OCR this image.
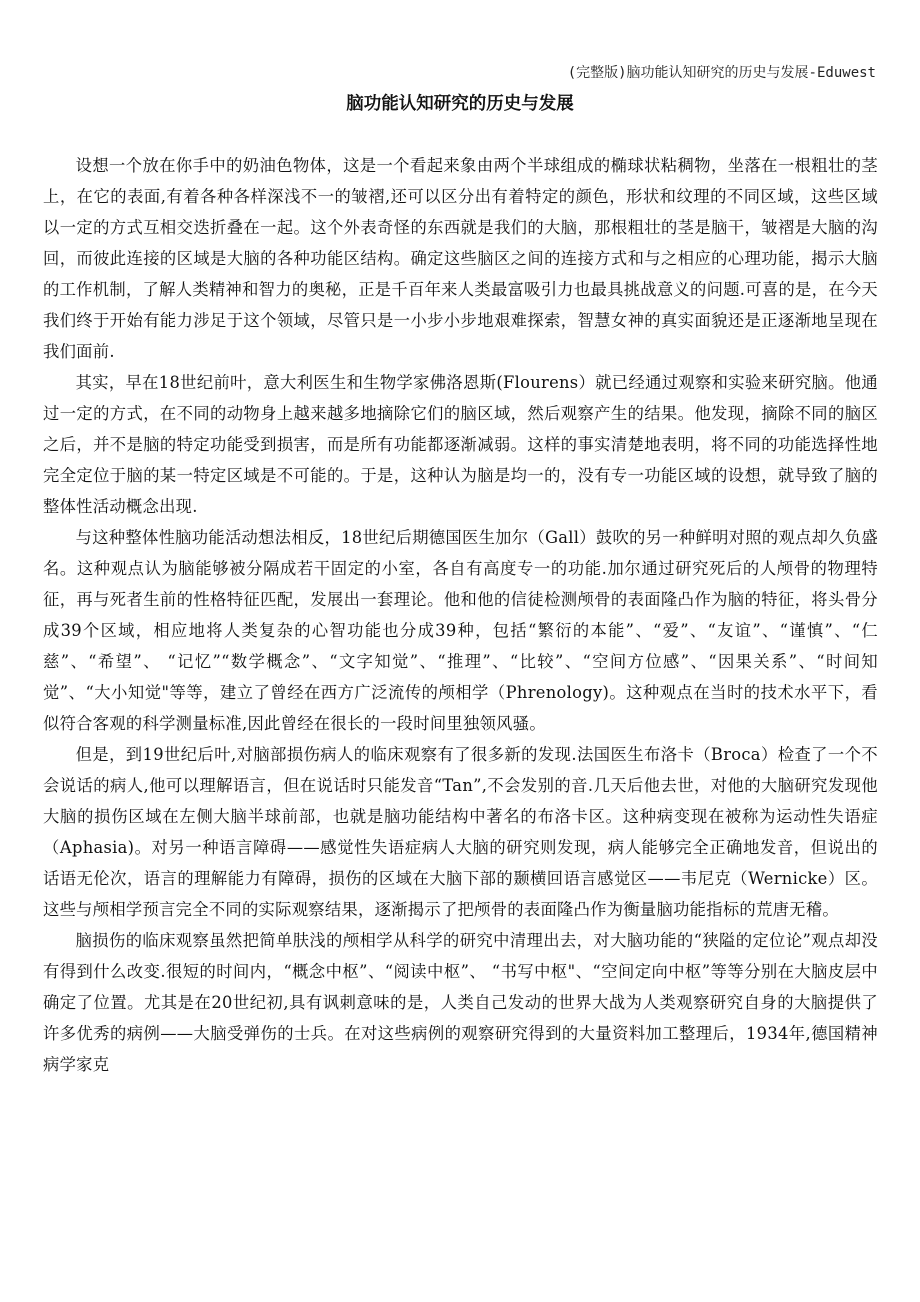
(完整版)脑功能认知研究的历史与发展-Eduwest
脑功能认知研究的历史与发展

设想一个放在你手中的奶油色物体，这是一个看起来象由两个半球组成的椭球状粘稠物，坐落在一根粗壮的茎上，在它的表面,有着各种各样深浅不一的皱褶,还可以区分出有着特定的颜色，形状和纹理的不同区域，这些区域以一定的方式互相交迭折叠在一起。这个外表奇怪的东西就是我们的大脑，那根粗壮的茎是脑干，皱褶是大脑的沟回，而彼此连接的区域是大脑的各种功能区结构。确定这些脑区之间的连接方式和与之相应的心理功能，揭示大脑的工作机制，了解人类精神和智力的奥秘，正是千百年来人类最富吸引力也最具挑战意义的问题.可喜的是，在今天我们终于开始有能力涉足于这个领域，尽管只是一小步小步地艰难探索，智慧女神的真实面貌还是正逐渐地呈现在我们面前.

其实，早在18世纪前叶，意大利医生和生物学家佛洛恩斯(Flourens）就已经通过观察和实验来研究脑。他通过一定的方式，在不同的动物身上越来越多地摘除它们的脑区域，然后观察产生的结果。他发现，摘除不同的脑区之后，并不是脑的特定功能受到损害，而是所有功能都逐渐减弱。这样的事实清楚地表明，将不同的功能选择性地完全定位于脑的某一特定区域是不可能的。于是，这种认为脑是均一的，没有专一功能区域的设想，就导致了脑的整体性活动概念出现.

与这种整体性脑功能活动想法相反，18世纪后期德国医生加尔（Gall）鼓吹的另一种鲜明对照的观点却久负盛名。这种观点认为脑能够被分隔成若干固定的小室，各自有高度专一的功能.加尔通过研究死后的人颅骨的物理特征，再与死者生前的性格特征匹配，发展出一套理论。他和他的信徒检测颅骨的表面隆凸作为脑的特征，将头骨分成39个区域，相应地将人类复杂的心智功能也分成39种，包括“繁衍的本能”、“爱”、“友谊”、“谨慎”、“仁慈”、“希望”、 “记忆”“数学概念”、“文字知觉”、“推理”、“比较”、“空间方位感”、“因果关系”、“时间知觉”、“大小知觉"等等，建立了曾经在西方广泛流传的颅相学（Phrenology)。这种观点在当时的技术水平下，看似符合客观的科学测量标准,因此曾经在很长的一段时间里独领风骚。

但是，到19世纪后叶,对脑部损伤病人的临床观察有了很多新的发现.法国医生布洛卡（Broca）检查了一个不会说话的病人,他可以理解语言，但在说话时只能发音“Tan”,不会发别的音.几天后他去世，对他的大脑研究发现他大脑的损伤区域在左侧大脑半球前部，也就是脑功能结构中著名的布洛卡区。这种病变现在被称为运动性失语症（Aphasia)。对另一种语言障碍——感觉性失语症病人大脑的研究则发现，病人能够完全正确地发音，但说出的话语无伦次，语言的理解能力有障碍，损伤的区域在大脑下部的颞横回语言感觉区——韦尼克（Wernicke）区。这些与颅相学预言完全不同的实际观察结果，逐渐揭示了把颅骨的表面隆凸作为衡量脑功能指标的荒唐无稽。

脑损伤的临床观察虽然把简单肤浅的颅相学从科学的研究中清理出去，对大脑功能的“狭隘的定位论”观点却没有得到什么改变.很短的时间内，“概念中枢”、“阅读中枢”、 “书写中枢"、“空间定向中枢”等等分别在大脑皮层中确定了位置。尤其是在20世纪初,具有讽刺意味的是，人类自己发动的世界大战为人类观察研究自身的大脑提供了许多优秀的病例——大脑受弹伤的士兵。在对这些病例的观察研究得到的大量资料加工整理后，1934年,德国精神病学家克
